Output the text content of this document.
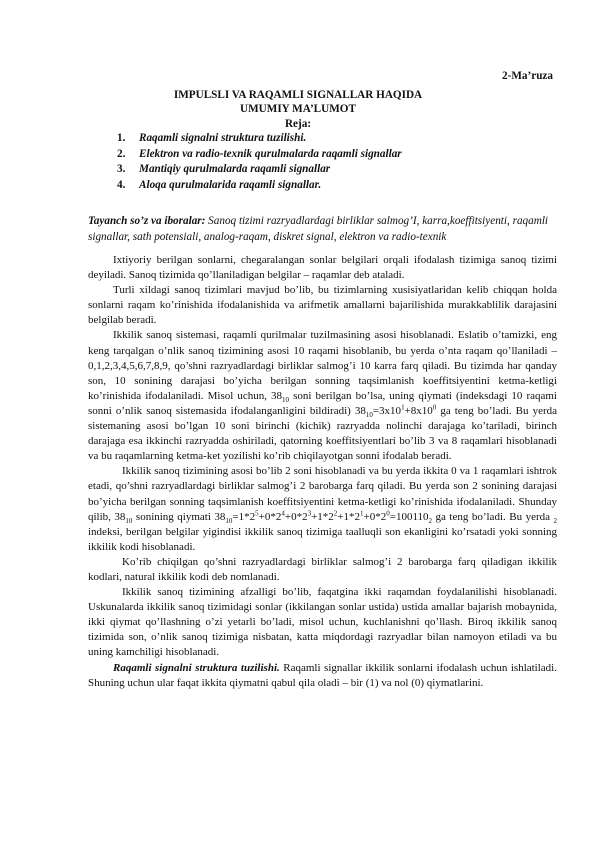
2-Ma’ruza
IMPULSLI VA RAQAMLI SIGNALLAR HAQIDA
UMUMIY MA’LUMOT
Reja:
1. Raqamli signalni struktura tuzilishi.
2. Elektron va radio-texnik qurulmalarda raqamli signallar
3. Mantiqiy qurulmalarda raqamli signallar
4. Aloqa qurulmalarida raqamli signallar.
Tayanch so’z va iboralar: Sanoq tizimi razryadlardagi birliklar salmog’I, karra,koeffitsiyenti, raqamli signallar, sath potensiali, analog-raqam, diskret signal, elektron va radio-texnik

Ixtiyoriy berilgan sonlarni, chegaralangan sonlar belgilari orqali ifodalash tizimiga sanoq tizimi deyiladi. Sanoq tizimida qo’llaniladigan belgilar – raqamlar deb ataladi.

Turli xildagi sanoq tizimlari mavjud bo’lib, bu tizimlarning xusisiyatlaridan kelib chiqqan holda sonlarni raqam ko’rinishida ifodalanishida va arifmetik amallarni bajarilishida murakkablilik darajasini belgilab beradi.

Ikkilik sanoq sistemasi, raqamli qurilmalar tuzilmasining asosi hisoblanadi. Eslatib o’tamizki, eng keng tarqalgan o’nlik sanoq tizimining asosi 10 raqami hisoblanib, bu yerda o’nta raqam qo’llaniladi – 0,1,2,3,4,5,6,7,8,9, qo’shni razryadlardagi birliklar salmog’i 10 karra farq qiladi. Bu tizimda har qanday son, 10 sonining darajasi bo’yicha berilgan sonning taqsimlanish koeffitsiyentini ketma-ketligi ko’rinishida ifodalaniladi. Misol uchun, $38_{10}$ soni berilgan bo’lsa, uning qiymati (indeksdagi 10 raqami sonni o’nlik sanoq sistemasida ifodalanganligini bildiradi) $38_{10}=3x10^1+8x10^0$ ga teng bo’ladi. Bu yerda sistemaning asosi bo’lgan 10 soni birinchi (kichik) razryadda nolinchi darajaga ko’tariladi, birinch darajaga esa ikkinchi razryadda oshiriladi, qatorning koeffitsiyentlari bo’lib 3 va 8 raqamlari hisoblanadi va bu raqamlarning ketma-ket yozilishi ko’rib chiqilayotgan sonni ifodalab beradi.

Ikkilik sanoq tizimining asosi bo’lib 2 soni hisoblanadi va bu yerda ikkita 0 va 1 raqamlari ishtrok etadi, qo’shni razryadlardagi birliklar salmog’i 2 barobarga farq qiladi. Bu yerda son 2 sonining darajasi bo’yicha berilgan sonning taqsimlanish koeffitsiyentini ketma-ketligi ko’rinishida ifodalaniladi. Shunday qilib, $38_{10}$ sonining qiymati $38_{10}=1*2^5+0*2^4+0*2^3+1*2^2+1*2^1+0*2^0=100110_2$ ga teng bo’ladi. Bu yerda $_2$ indeksi, berilgan belgilar yigindisi ikkilik sanoq tizimiga taalluqli son ekanligini ko’rsatadi yoki sonning ikkilik kodi hisoblanadi.

Ko’rib chiqilgan qo’shni razryadlardagi birliklar salmog’i 2 barobarga farq qiladigan ikkilik kodlari, natural ikkilik kodi deb nomlanadi.

Ikkilik sanoq tizimining afzalligi bo’lib, faqatgina ikki raqamdan foydalanilishi hisoblanadi. Uskunalarda ikkilik sanoq tizimidagi sonlar (ikkilangan sonlar ustida) ustida amallar bajarish mobaynida, ikki qiymat qo’llashning o’zi yetarli bo’ladi, misol uchun, kuchlanishni qo’llash. Biroq ikkilik sanoq tizimida son, o’nlik sanoq tizimiga nisbatan, katta miqdordagi razryadlar bilan namoyon etiladi va bu uning kamchiligi hisoblanadi.

Raqamli signalni struktura tuzilishi. Raqamli signallar ikkilik sonlarni ifodalash uchun ishlatiladi. Shuning uchun ular faqat ikkita qiymatni qabul qila oladi – bir (1) va nol (0) qiymatlarini.
